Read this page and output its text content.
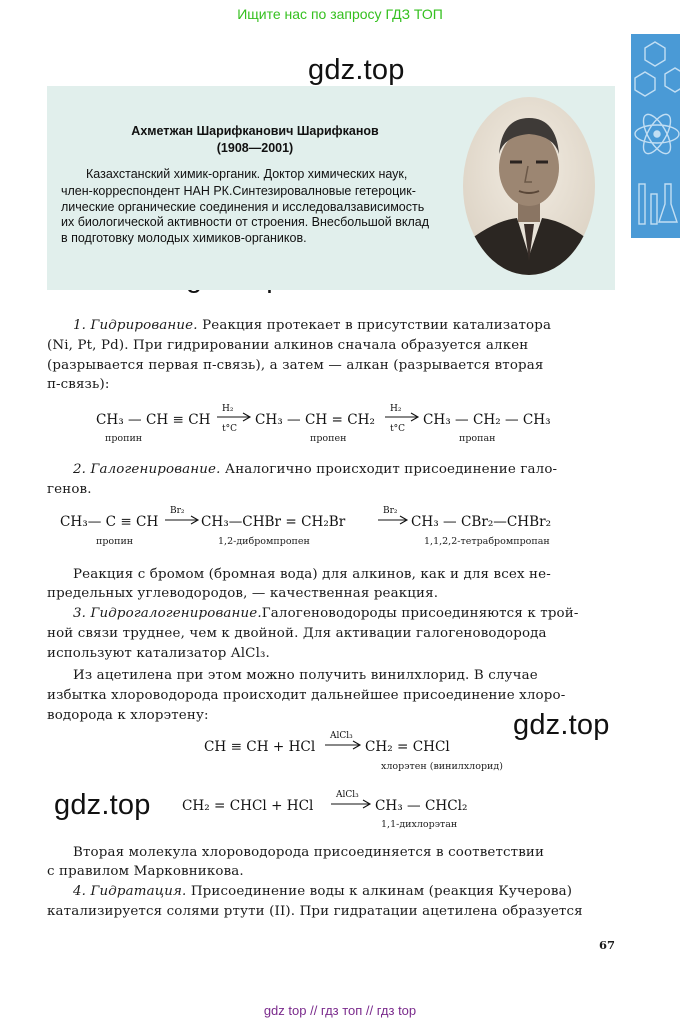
Ищите нас по запросу ГДЗ ТОП
gdz.top
gdz.top
gdz.top
Ахметжан Шарифканович Шарифканов
(1908—2001)
Казахстанский химик-органик. Доктор химических наук,
член-корреспондент НАН РК.Синтезировалновые гетероцик-
лические органические соединения и исследовалзависимость
их биологической активности от строения. Внесбольшой вклад
в подготовку молодых химиков-органиков.
1. Гидрирование. Реакция протекает в присутствии катализатора
(Ni, Pt, Pd). При гидрировании алкинов сначала образуется алкен
(разрывается первая π-связь), а затем — алкан (разрывается вторая
π-связь):
CH₃ — CH ≡ CH
H₂
t°C
→ CH₃ — CH = CH₂
H₂
t°C
→ CH₃ — CH₂ — CH₃
пропин	пропен	пропан
2. Галогенирование. Аналогично происходит присоединение гало-
генов.
CH₃— C ≡ CH
Br₂
→ CH₃—CHBr = CH₂Br
Br₂
→ CH₃ — CBr₂—CHBr₂
пропин	1,2-дибромпропен	1,1,2,2-тетрабромпропан
Реакция с бромом (бромная вода) для алкинов, как и для всех не-
предельных углеводородов, — качественная реакция.
3. Гидрогалогенирование.Галогеноводороды присоединяются к трой-
ной связи труднее, чем к двойной. Для активации галогеноводорода
используют катализатор AlCl₃.
Из ацетилена при этом можно получить винилхлорид. В случае
избытка хлороводорода происходит дальнейшее присоединение хлоро-
водорода к хлорэтену:
CH ≡ CH + HCl
AlCl₃
→ CH₂ = CHCl
хлорэтен (винилхлорид)
CH₂ = CHCl + HCl
AlCl₃
→ CH₃ — CHCl₂
1,1-дихлорэтан
Вторая молекула хлороводорода присоединяется в соответствии
с правилом Марковникова.
4. Гидратация. Присоединение воды к алкинам (реакция Кучерова)
катализируется солями ртути (II). При гидратации ацетилена образуется
67
gdz top // гдз топ // гдз top
